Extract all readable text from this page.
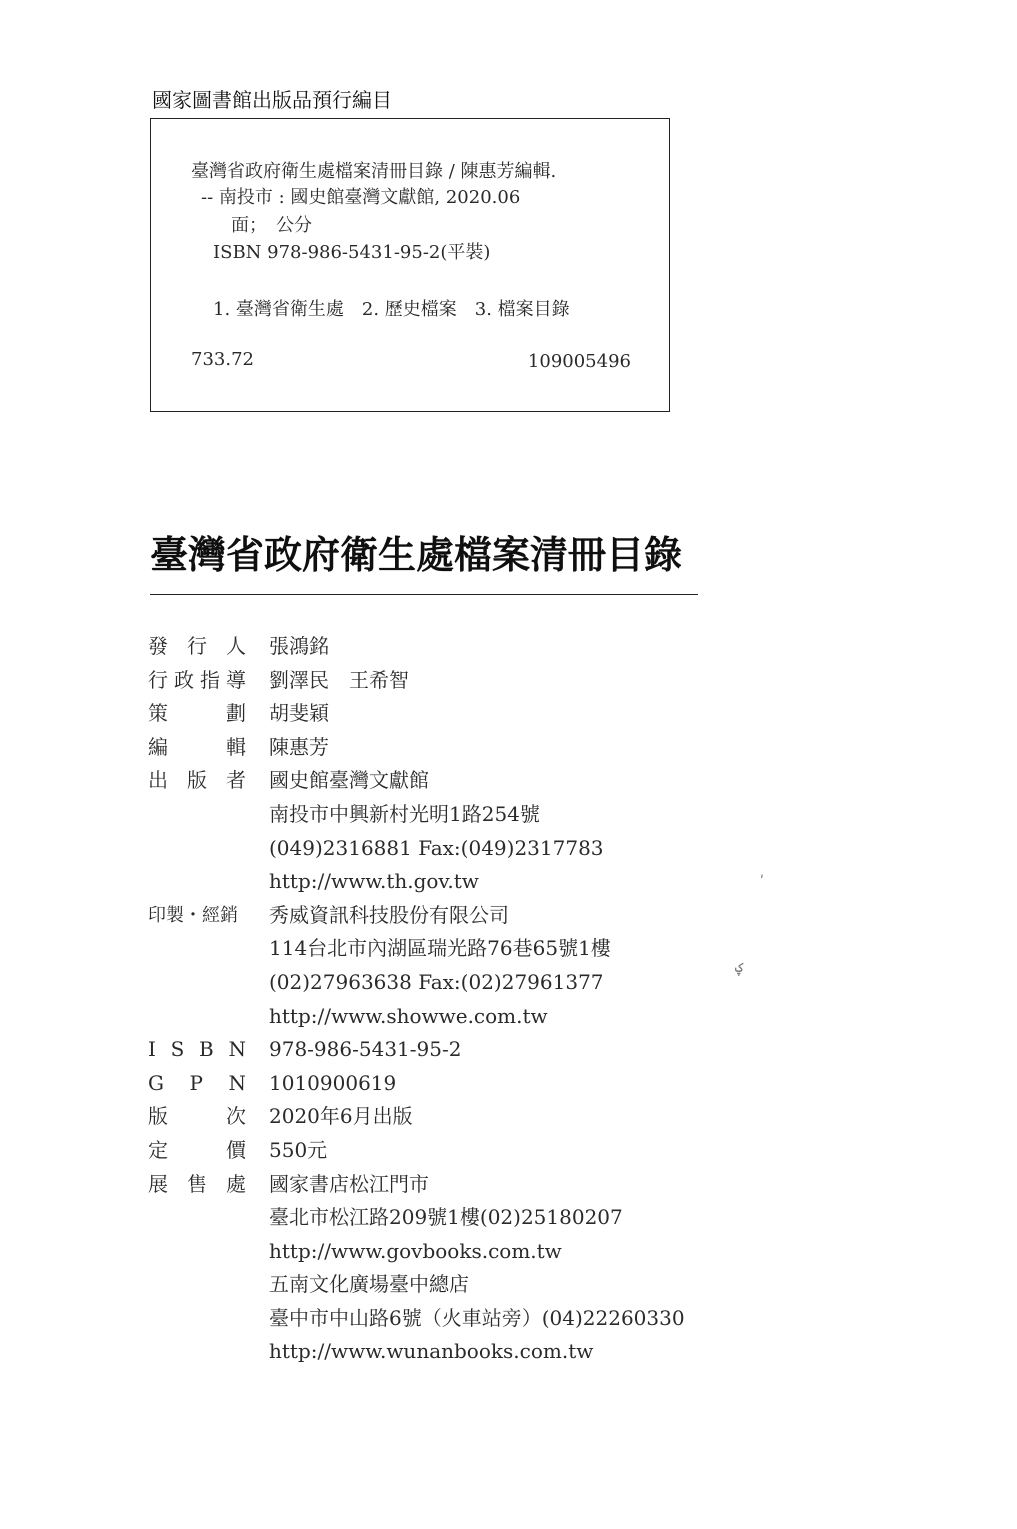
國家圖書館出版品預行編目
臺灣省政府衛生處檔案清冊目錄 / 陳惠芳編輯.
-- 南投市 : 國史館臺灣文獻館, 2020.06
面；　公分
ISBN 978-986-5431-95-2(平裝)
1. 臺灣省衛生處　2. 歷史檔案　3. 檔案目錄
733.72	109005496
臺灣省政府衛生處檔案清冊目錄
發 行 人 張鴻銘
行 政 指 導 劉澤民　王希智
策	劃 胡斐穎
編	輯 陳惠芳
出 版 者 國史館臺灣文獻館
南投市中興新村光明1路254號
(049)2316881 Fax:(049)2317783
http://www.th.gov.tw
印製・經銷	秀威資訊科技股份有限公司
114台北市內湖區瑞光路76巷65號1樓
(02)27963638 Fax:(02)27961377
http://www.showwe.com.tw
I S B N 978-986-5431-95-2
G P N 1010900619
版	次 2020年6月出版
定	價 550元
展 售 處 國家書店松江門市
臺北市松江路209號1樓(02)25180207
http://www.govbooks.com.tw
五南文化廣場臺中總店
臺中市中山路6號（火車站旁）(04)22260330
http://www.wunanbooks.com.tw
ʹ
ؼ
